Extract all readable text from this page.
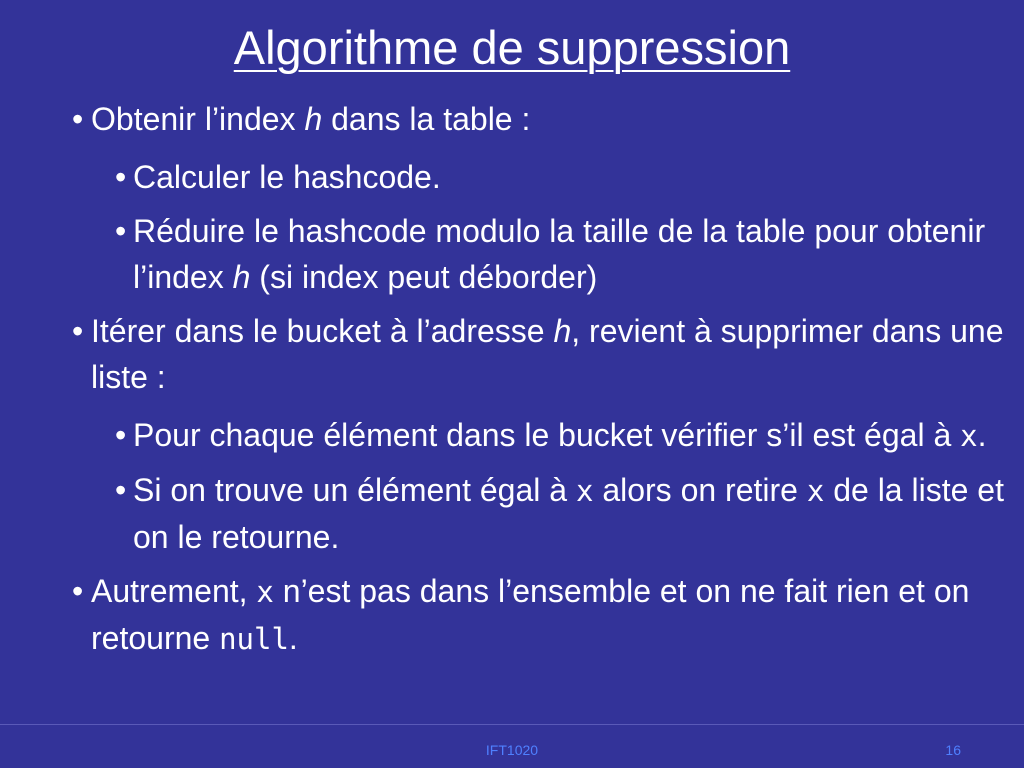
Algorithme de suppression
• Obtenir l’index h dans la table :
• Calculer le hashcode.
• Réduire le hashcode modulo la taille de la table pour obtenir l’index h (si index peut déborder)
• Itérer dans le bucket à l’adresse h, revient à supprimer dans une liste :
• Pour chaque élément dans le bucket vérifier s’il est égal à x.
• Si on trouve un élément égal à x alors on retire x de la liste et on le retourne.
• Autrement, x n’est pas dans l’ensemble et on ne fait rien et on retourne null.
IFT1020	16
